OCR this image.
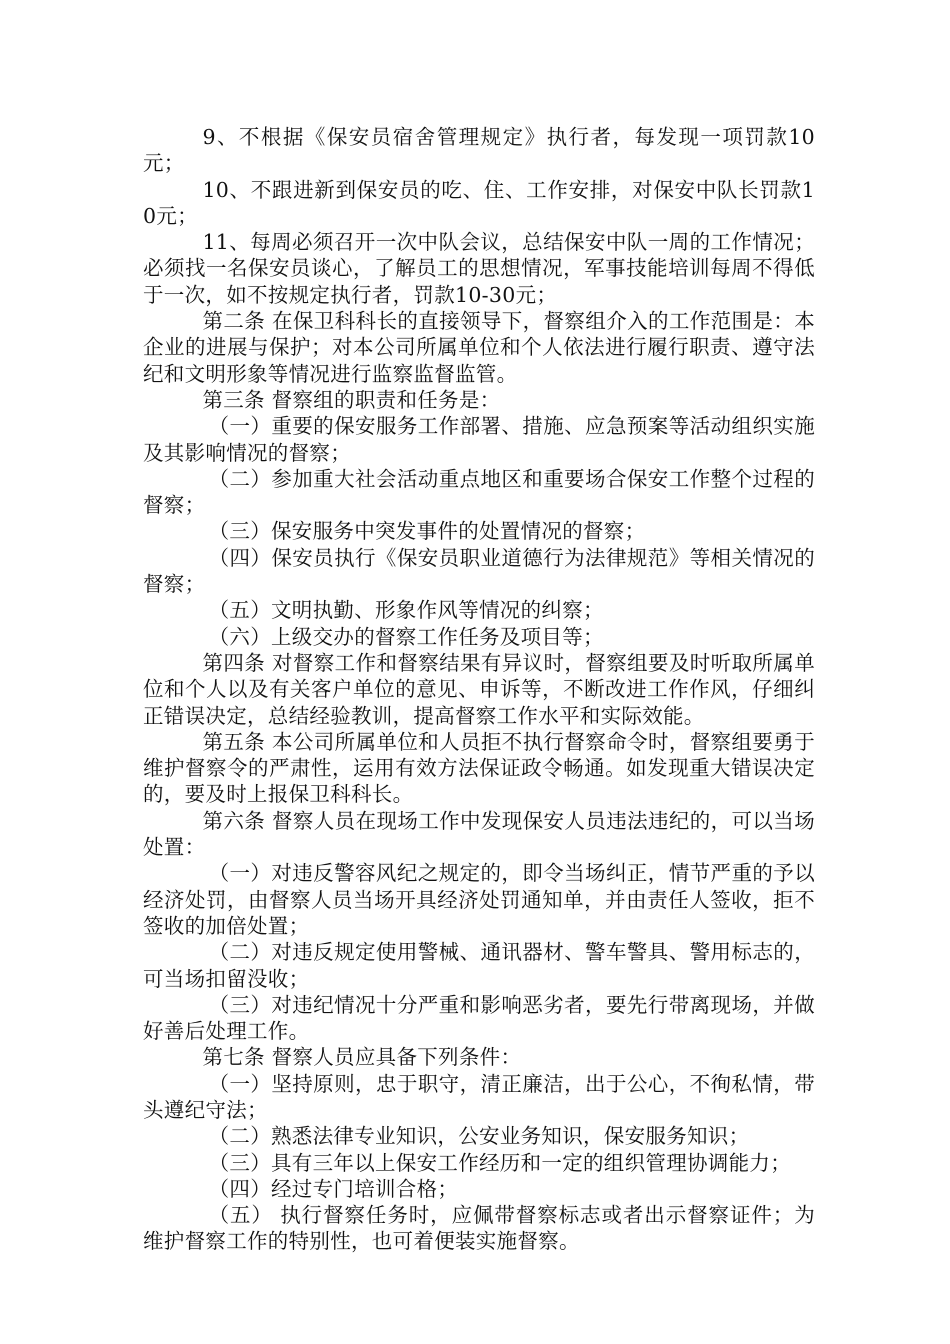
9、不根据《保安员宿舍管理规定》执行者，每发现一项罚款10元；

10、不跟进新到保安员的吃、住、工作安排，对保安中队长罚款10元；

11、每周必须召开一次中队会议，总结保安中队一周的工作情况；必须找一名保安员谈心，了解员工的思想情况，军事技能培训每周不得低于一次，如不按规定执行者，罚款10-30元；

第二条 在保卫科科长的直接领导下，督察组介入的工作范围是：本企业的进展与保护；对本公司所属单位和个人依法进行履行职责、遵守法纪和文明形象等情况进行监察监督监管。

第三条 督察组的职责和任务是：

（一）重要的保安服务工作部署、措施、应急预案等活动组织实施及其影响情况的督察；

（二）参加重大社会活动重点地区和重要场合保安工作整个过程的督察；

（三）保安服务中突发事件的处置情况的督察；

（四）保安员执行《保安员职业道德行为法律规范》等相关情况的督察；

（五）文明执勤、形象作风等情况的纠察；

（六）上级交办的督察工作任务及项目等；

第四条 对督察工作和督察结果有异议时，督察组要及时听取所属单位和个人以及有关客户单位的意见、申诉等，不断改进工作作风，仔细纠正错误决定，总结经验教训，提高督察工作水平和实际效能。

第五条 本公司所属单位和人员拒不执行督察命令时，督察组要勇于维护督察令的严肃性，运用有效方法保证政令畅通。如发现重大错误决定的，要及时上报保卫科科长。

第六条 督察人员在现场工作中发现保安人员违法违纪的，可以当场处置：

（一）对违反警容风纪之规定的，即令当场纠正，情节严重的予以经济处罚，由督察人员当场开具经济处罚通知单，并由责任人签收，拒不签收的加倍处置；

（二）对违反规定使用警械、通讯器材、警车警具、警用标志的，可当场扣留没收；

（三）对违纪情况十分严重和影响恶劣者，要先行带离现场，并做好善后处理工作。

第七条 督察人员应具备下列条件：

（一）坚持原则，忠于职守，清正廉洁，出于公心，不徇私情，带头遵纪守法；

（二）熟悉法律专业知识，公安业务知识，保安服务知识；

（三）具有三年以上保安工作经历和一定的组织管理协调能力；

（四）经过专门培训合格；

（五） 执行督察任务时，应佩带督察标志或者出示督察证件；为维护督察工作的特别性，也可着便装实施督察。
